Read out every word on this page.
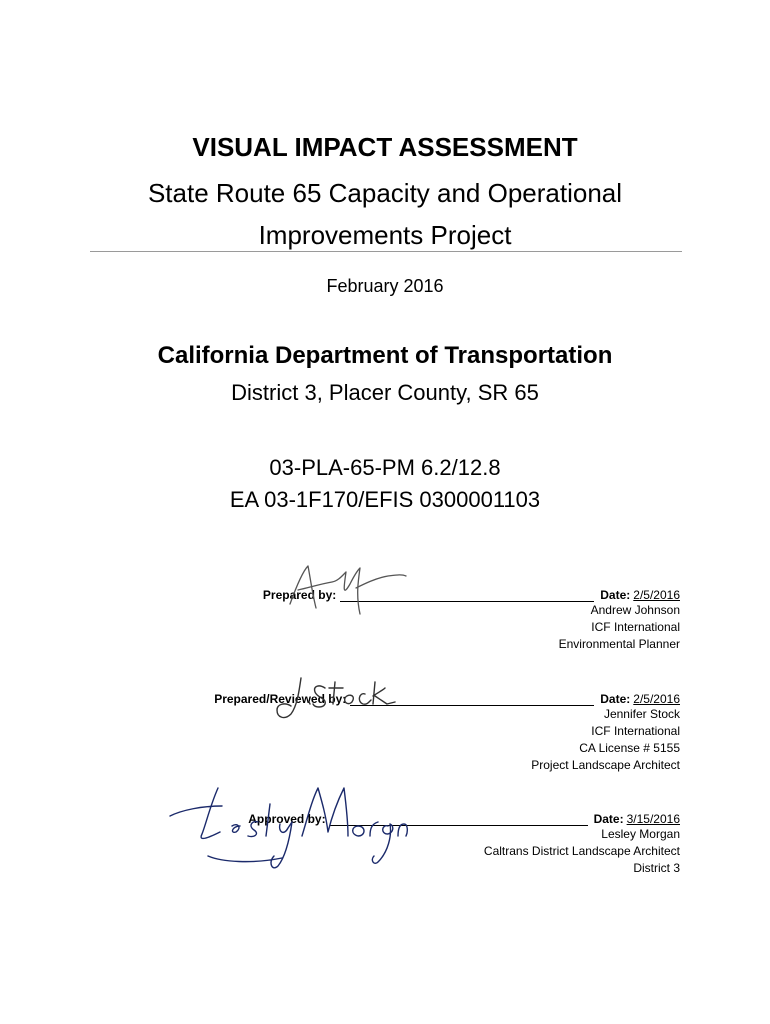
VISUAL IMPACT ASSESSMENT
State Route 65 Capacity and Operational
Improvements Project
February 2016
California Department of Transportation
District 3, Placer County, SR 65
03-PLA-65-PM 6.2/12.8
EA 03-1F170/EFIS 0300001103
Prepared by:	Date: 2/5/2016
Andrew Johnson
ICF International
Environmental Planner
Prepared/Reviewed by:	Date: 2/5/2016
Jennifer Stock
ICF International
CA License # 5155
Project Landscape Architect
Approved by:	Date: 3/15/2016
Lesley Morgan
Caltrans District Landscape Architect
District 3
